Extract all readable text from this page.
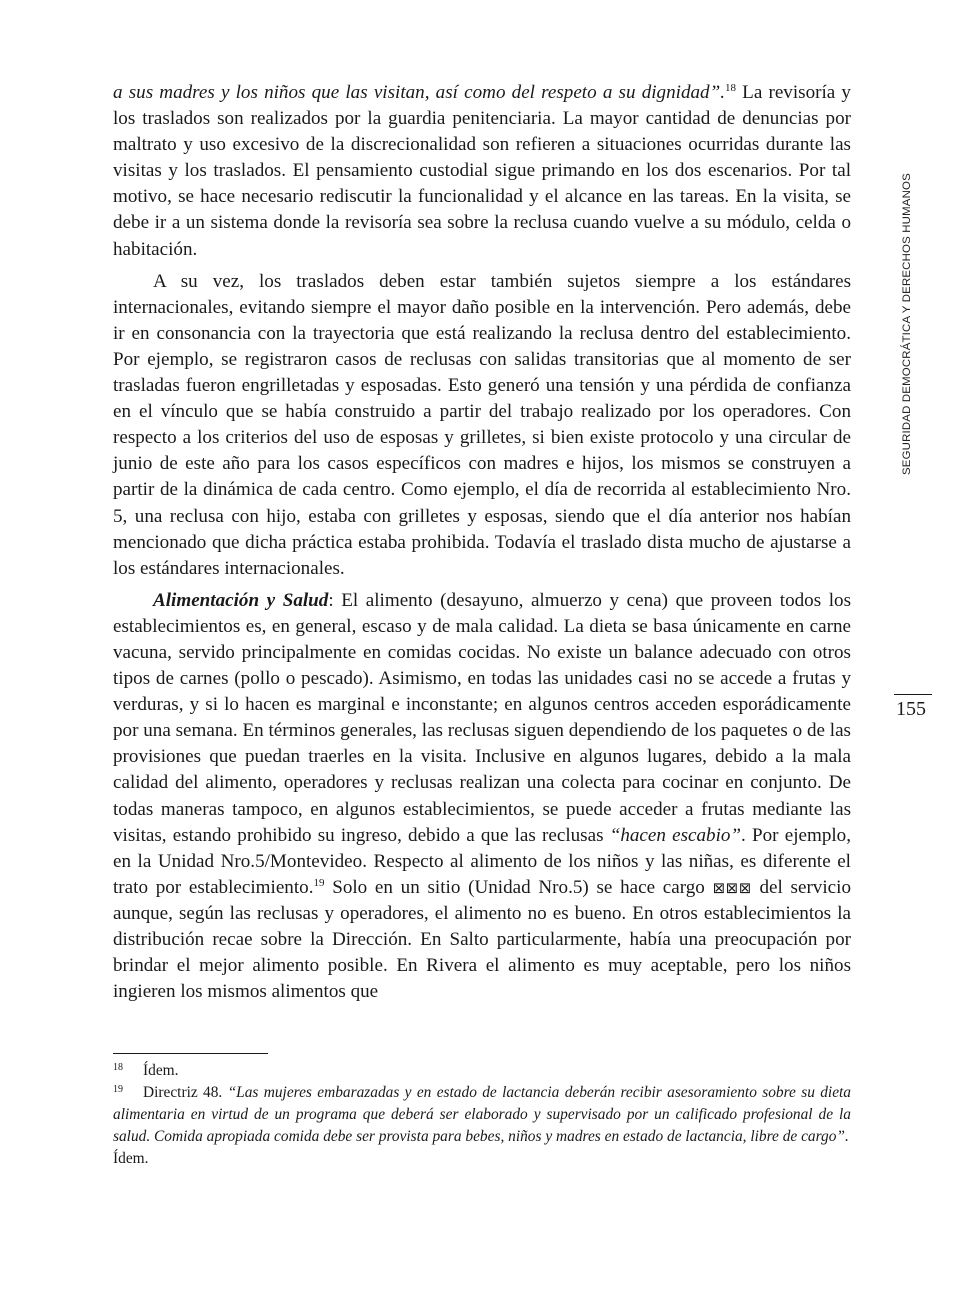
a sus madres y los niños que las visitan, así como del respeto a su dignidad”.$^{18}$ La revisoría y los traslados son realizados por la guardia penitenciaria. La mayor cantidad de denuncias por maltrato y uso excesivo de la discrecionalidad son refieren a situaciones ocurridas durante las visitas y los traslados. El pensamiento custodial sigue primando en los dos escenarios. Por tal motivo, se hace necesario rediscutir la funcionalidad y el alcance en las tareas. En la visita, se debe ir a un sistema donde la revisoría sea sobre la reclusa cuando vuelve a su módulo, celda o habitación.

A su vez, los traslados deben estar también sujetos siempre a los estándares internacionales, evitando siempre el mayor daño posible en la intervención. Pero además, debe ir en consonancia con la trayectoria que está realizando la reclusa dentro del establecimiento. Por ejemplo, se registraron casos de reclusas con salidas transitorias que al momento de ser trasladas fueron engrilletadas y esposadas. Esto generó una tensión y una pérdida de confianza en el vínculo que se había construido a partir del trabajo realizado por los operadores. Con respecto a los criterios del uso de esposas y grilletes, si bien existe protocolo y una circular de junio de este año para los casos específicos con madres e hijos, los mismos se construyen a partir de la dinámica de cada centro. Como ejemplo, el día de recorrida al establecimiento Nro. 5, una reclusa con hijo, estaba con grilletes y esposas, siendo que el día anterior nos habían mencionado que dicha práctica estaba prohibida. Todavía el traslado dista mucho de ajustarse a los estándares internacionales.

Alimentación y Salud: El alimento (desayuno, almuerzo y cena) que proveen todos los establecimientos es, en general, escaso y de mala calidad. La dieta se basa únicamente en carne vacuna, servido principalmente en comidas cocidas. No existe un balance adecuado con otros tipos de carnes (pollo o pescado). Asimismo, en todas las unidades casi no se accede a frutas y verduras, y si lo hacen es marginal e inconstante; en algunos centros acceden esporádicamente por una semana. En términos generales, las reclusas siguen dependiendo de los paquetes o de las provisiones que puedan traerles en la visita. Inclusive en algunos lugares, debido a la mala calidad del alimento, operadores y reclusas realizan una colecta para cocinar en conjunto. De todas maneras tampoco, en algunos establecimientos, se puede acceder a frutas mediante las visitas, estando prohibido su ingreso, debido a que las reclusas “hacen escabio”. Por ejemplo, en la Unidad Nro.5/Montevideo. Respecto al alimento de los niños y las niñas, es diferente el trato por establecimiento.$^{19}$ Solo en un sitio (Unidad Nro.5) se hace cargo ⊠⊠⊠ del servicio aunque, según las reclusas y operadores, el alimento no es bueno. En otros establecimientos la distribución recae sobre la Dirección. En Salto particularmente, había una preocupación por brindar el mejor alimento posible. En Rivera el alimento es muy aceptable, pero los niños ingieren los mismos alimentos que

SEGURIDAD DEMOCRÁTICA Y DERECHOS HUMANOS
155

18 Ídem.

19 Directriz 48. “Las mujeres embarazadas y en estado de lactancia deberán recibir asesoramiento sobre su dieta alimentaria en virtud de un programa que deberá ser elaborado y supervisado por un calificado profesional de la salud. Comida apropiada comida debe ser provista para bebes, niños y madres en estado de lactancia, libre de cargo”.
Ídem.
